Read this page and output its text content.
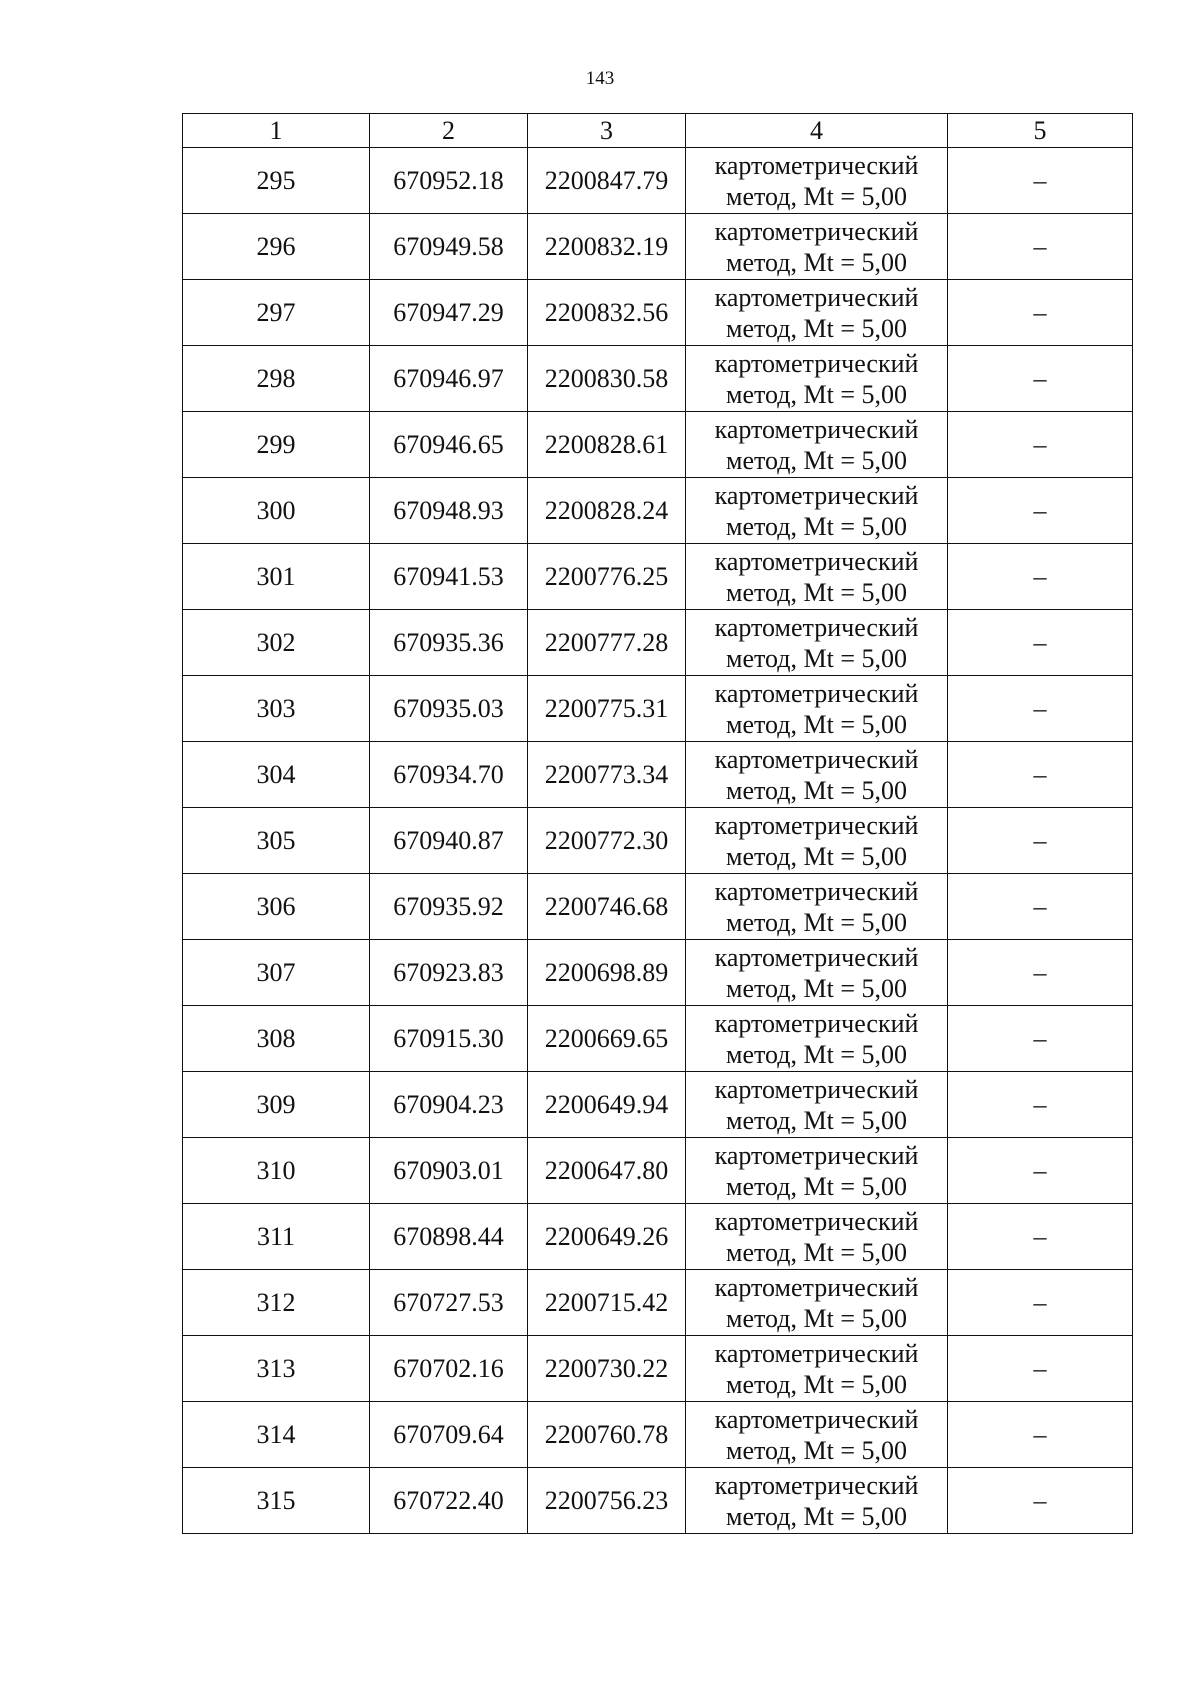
143
1	2	3	4	5
295	670952.18	2200847.79	картометрический
метод, Mt = 5,00	–
296	670949.58	2200832.19	картометрический
метод, Mt = 5,00	–
297	670947.29	2200832.56	картометрический
метод, Mt = 5,00	–
298	670946.97	2200830.58	картометрический
метод, Mt = 5,00	–
299	670946.65	2200828.61	картометрический
метод, Mt = 5,00	–
300	670948.93	2200828.24	картометрический
метод, Mt = 5,00	–
301	670941.53	2200776.25	картометрический
метод, Mt = 5,00	–
302	670935.36	2200777.28	картометрический
метод, Mt = 5,00	–
303	670935.03	2200775.31	картометрический
метод, Mt = 5,00	–
304	670934.70	2200773.34	картометрический
метод, Mt = 5,00	–
305	670940.87	2200772.30	картометрический
метод, Mt = 5,00	–
306	670935.92	2200746.68	картометрический
метод, Mt = 5,00	–
307	670923.83	2200698.89	картометрический
метод, Mt = 5,00	–
308	670915.30	2200669.65	картометрический
метод, Mt = 5,00	–
309	670904.23	2200649.94	картометрический
метод, Mt = 5,00	–
310	670903.01	2200647.80	картометрический
метод, Mt = 5,00	–
311	670898.44	2200649.26	картометрический
метод, Mt = 5,00	–
312	670727.53	2200715.42	картометрический
метод, Mt = 5,00	–
313	670702.16	2200730.22	картометрический
метод, Mt = 5,00	–
314	670709.64	2200760.78	картометрический
метод, Mt = 5,00	–
315	670722.40	2200756.23	картометрический
метод, Mt = 5,00	–
